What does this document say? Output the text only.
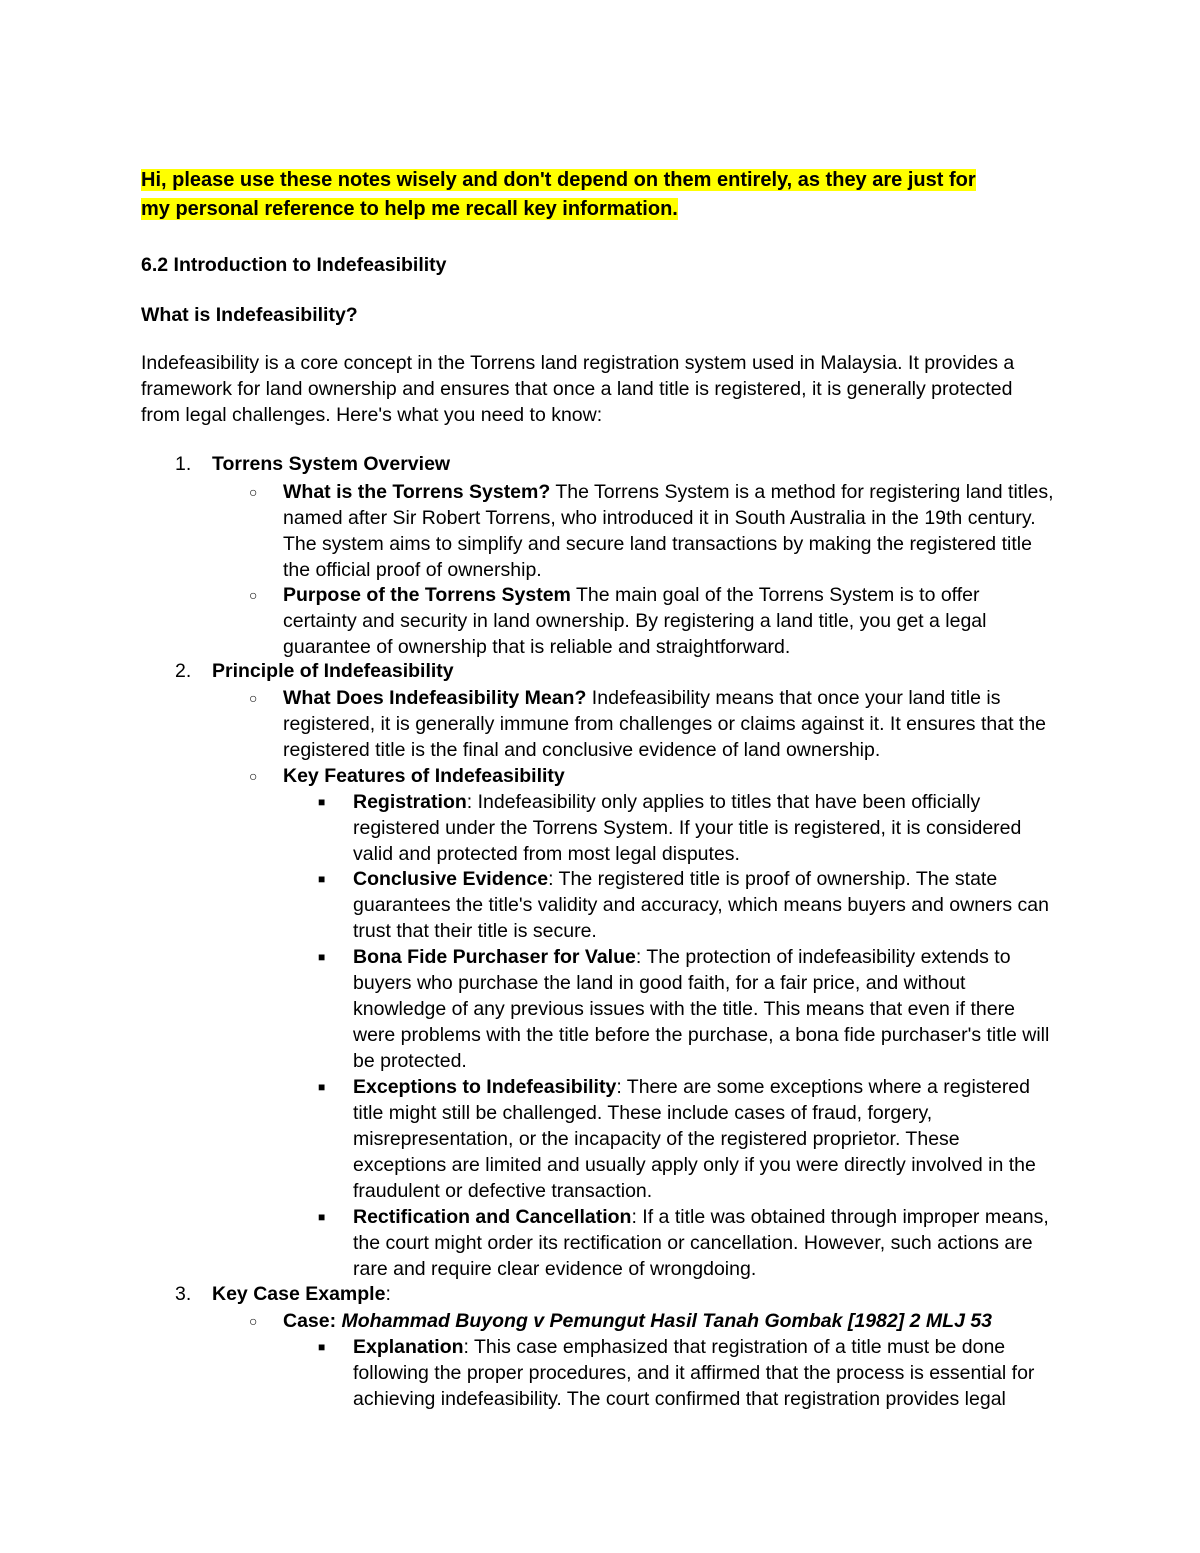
Hi, please use these notes wisely and don't depend on them entirely, as they are just for
my personal reference to help me recall key information.

6.2 Introduction to Indefeasibility

What is Indefeasibility?

Indefeasibility is a core concept in the Torrens land registration system used in Malaysia. It provides a
framework for land ownership and ensures that once a land title is registered, it is generally protected
from legal challenges. Here's what you need to know:
1.	Torrens System Overview
○ What is the Torrens System? The Torrens System is a method for registering land titles,
named after Sir Robert Torrens, who introduced it in South Australia in the 19th century.
The system aims to simplify and secure land transactions by making the registered title
the official proof of ownership.
○ Purpose of the Torrens System The main goal of the Torrens System is to offer
certainty and security in land ownership. By registering a land title, you get a legal
guarantee of ownership that is reliable and straightforward.
2.	Principle of Indefeasibility
○ What Does Indefeasibility Mean? Indefeasibility means that once your land title is
registered, it is generally immune from challenges or claims against it. It ensures that the
registered title is the final and conclusive evidence of land ownership.
○ Key Features of Indefeasibility
■ Registration: Indefeasibility only applies to titles that have been officially
registered under the Torrens System. If your title is registered, it is considered
valid and protected from most legal disputes.
■ Conclusive Evidence: The registered title is proof of ownership. The state
guarantees the title's validity and accuracy, which means buyers and owners can
trust that their title is secure.
■ Bona Fide Purchaser for Value: The protection of indefeasibility extends to
buyers who purchase the land in good faith, for a fair price, and without
knowledge of any previous issues with the title. This means that even if there
were problems with the title before the purchase, a bona fide purchaser's title will
be protected.
■ Exceptions to Indefeasibility: There are some exceptions where a registered
title might still be challenged. These include cases of fraud, forgery,
misrepresentation, or the incapacity of the registered proprietor. These
exceptions are limited and usually apply only if you were directly involved in the
fraudulent or defective transaction.
■ Rectification and Cancellation: If a title was obtained through improper means,
the court might order its rectification or cancellation. However, such actions are
rare and require clear evidence of wrongdoing.
3.	Key Case Example:
○ Case: Mohammad Buyong v Pemungut Hasil Tanah Gombak [1982] 2 MLJ 53
■ Explanation: This case emphasized that registration of a title must be done
following the proper procedures, and it affirmed that the process is essential for
achieving indefeasibility. The court confirmed that registration provides legal
